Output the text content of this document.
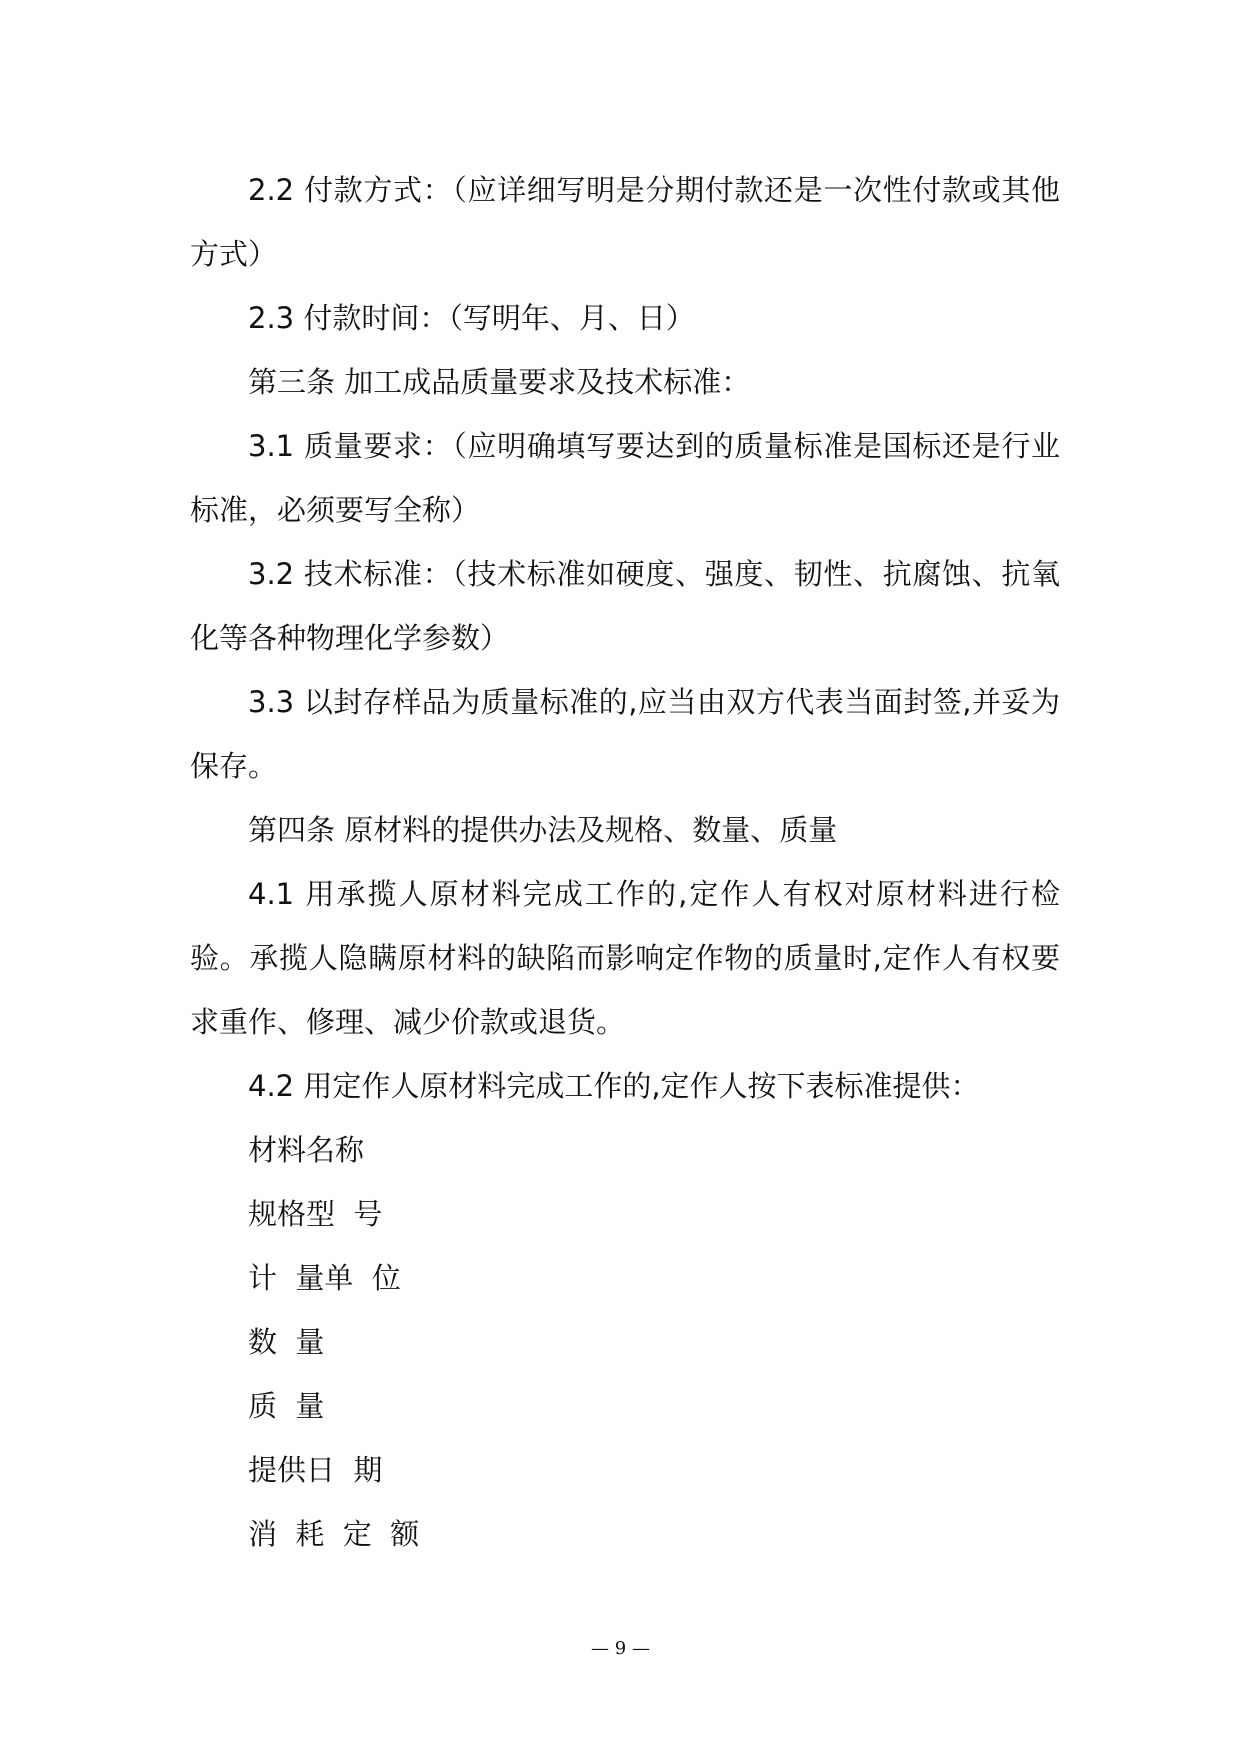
2.2 付款方式：（应详细写明是分期付款还是一次性付款或其他方式）

2.3 付款时间：（写明年、月、日）

第三条 加工成品质量要求及技术标准：

3.1 质量要求：（应明确填写要达到的质量标准是国标还是行业标准，必须要写全称）

3.2 技术标准：（技术标准如硬度、强度、韧性、抗腐蚀、抗氧化等各种物理化学参数）

3.3 以封存样品为质量标准的,应当由双方代表当面封签,并妥为保存。

第四条 原材料的提供办法及规格、数量、质量

4.1 用承揽人原材料完成工作的,定作人有权对原材料进行检验。承揽人隐瞒原材料的缺陷而影响定作物的质量时,定作人有权要求重作、修理、减少价款或退货。

4.2 用定作人原材料完成工作的,定作人按下表标准提供：

材料名称

规格型  号

计  量单  位

数  量

质  量

提供日  期

消  耗  定  额

— 9 —
